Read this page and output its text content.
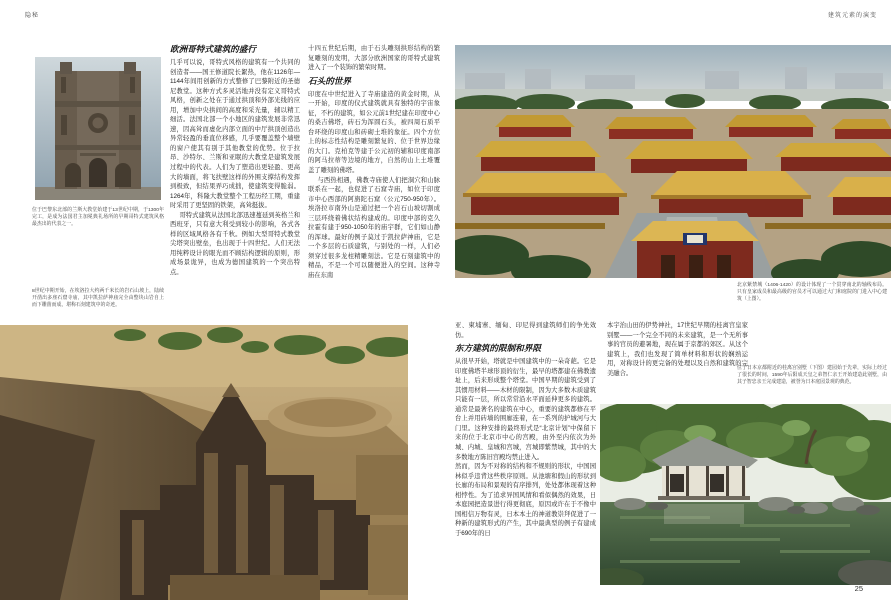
隐秘	建筑元素的演变
位于巴黎东北部的兰斯大教堂始建于13世纪中期，于1300年完工，是成为法国君主加冕典礼场所的早期哥特式建筑风格最杰出的代表之一。
8世纪中期开始，在埃洛拉大约两千米长的岩石山坡上，陆续开凿出多座石窟寺庙，其中凯拉萨神庙完全由整块山岩自上而下雕凿而成，堪称石刻建筑中的奇迹。
欧洲哥特式建筑的盛行

几乎可以说，哥特式风格的建筑有一个共同的创造者——国王修道院长絮热，他在1126年—1144年间用创新的方式整修了巴黎附近的圣德尼教堂。这种方式多灵活地并没有定义哥特式风格，创新之处在于通过拱顶和外部光线的应用，增加中央拱间的高度和采光量，辅以精工细活。法国北部一个小地区的建筑发展非常迅速，因高耸而虚化内部立面的中厅拱顶创造出异常轻盈的垂直位移感，几乎要覆盖整个墙壁的窗户使其有别于其他教堂的优势。位于拉昂、沙特尔、兰斯和亚眠的大教堂是建筑发展过程中的代表。人们为了塑造出更轻盈、更高大的墙面，将飞扶壁这样的外围支撑结构发挥到极致，但结果弄巧成拙，使建筑变得脆弱。1264年，科隆大教堂整个工程历经工期，重建时采用了更坚固的铁架，高耸挺拔。

哥特式建筑从法国北部迅速蔓延到英格兰和西班牙，只有意大利受到较小的影响，各式各样的区域风格各有千秋。例如大型哥特式教堂尖塔突出壁垒，也出现于十四世纪。人们无法用纯粹设计的眼光而不顾结构逻辑的原则，形成场景诡异，也成为德国建筑的一个突出特点。

十四五世纪后期，由于石头雕刻拱形结构的繁复雕刻的发明，大部分欧洲国家的哥特式建筑进入了一个装饰的繁荣时期。

石头的世界

印度在中世纪进入了寺庙建造的黄金时期，从一开始，印度的仪式建筑就具有独特的宇宙象征，不朽的建筑，如公元前1世纪建在印度中心的桑吉佛塔，砖石为浑圆石头，被四周石质平台环绕的印度山和砖砌土堆的象征。四个方位上的标志性结构是雕刻繁复的、位于世界边缘的大门。克柏克等建于公元初的辅和印度南部的阿马拉蒂等边境的地方，自然的山上土堆覆盖了雕刻的佛塔。

与西热相遇，佛教寺庙使人们把洞穴和山脉联系在一起，也促进了石窟寺庙，如位于印度市中心西部的阿旃陀石窟（公元750-950年）。埃洛拉市南外山是通过把一个岩石山坡切割成三层环绕着佛状结构建成的。印度中部的克久拉霍有建于950-1050年的庙宇群，它们如山静的浑球。最好的例子莫过于凯拉萨神庙，它是一个多层的石质建筑，与别处的一样，人们必须穿过很多龙柱精雕刻法。它是石刻建筑中的精品，不是一个可以随便进入的空间。这种寺庙在东南

北京紫禁城（1406-1420）的设计体现了一个贯穿南北的轴线布局。只有皇家成员和最高级的官员才可以通过大门和庭院的门进入中心建筑（上图）。

亚、柬埔寨、缅甸、印尼得到建筑师们的争先效仿。

东方建筑的限制和界限

从很早开始，塔就是中国建筑中的一朵奇葩。它是印度佛塔半球形顶的衍生，最早的塔都建在佛教遗址上，后来形成整个塔堂。中国早期的建筑受到了其惯用材料——木材的限制，因为大多数木质建筑只能有一层，所以常常沿水平面延伸更多的建筑。通常是最著名的建筑在中心，重要的建筑都修在平台上并用砖墙的围廊连着，在一系列的护城河与大门里。这种安排的最终形式是“北京计划”中保留下来的位于北京市中心的宫殿，由外至内依次为外城、内城、皇城和宫城，宫城即紫禁城，其中的大多数地方陈旧宫殿均禁止进入。

然而，因为不对称的结构和不规则的形状，中国园林似乎违背这些秩序原则。从池塘和假山的形状到长廊的布局和景观的有序排列，处处都体现着这种相悖性。为了追求异国风情和看似偶然的效果，日本庭园把造景进行得更彻底，原因或许在于不像中国相信万物有灵，日本本土的神道教崇拜促进了一种新的建筑形式的产生，其中最典型的例子有建成于690年的日

本宇治山田的伊势神社，17世纪早期的桂离宫皇家别墅——一个完全不同的未来建筑，是一个无所事事的官员的避暑地，现在属于京都的郊区。从这个建筑上，我们也发现了简单材料和形状的娴熟运用，对称设计的更完备的处理以及自然和建筑的完美融合。

位于日本京都附近的桂离宫别墅（下图）建园始于先辈，实际上经过了很长的时间，1590年后阳成天皇之弟智仁亲王开始建造此别墅，由其子智忠亲王完成建造，被誉为日本庭园景观的典范。
25
